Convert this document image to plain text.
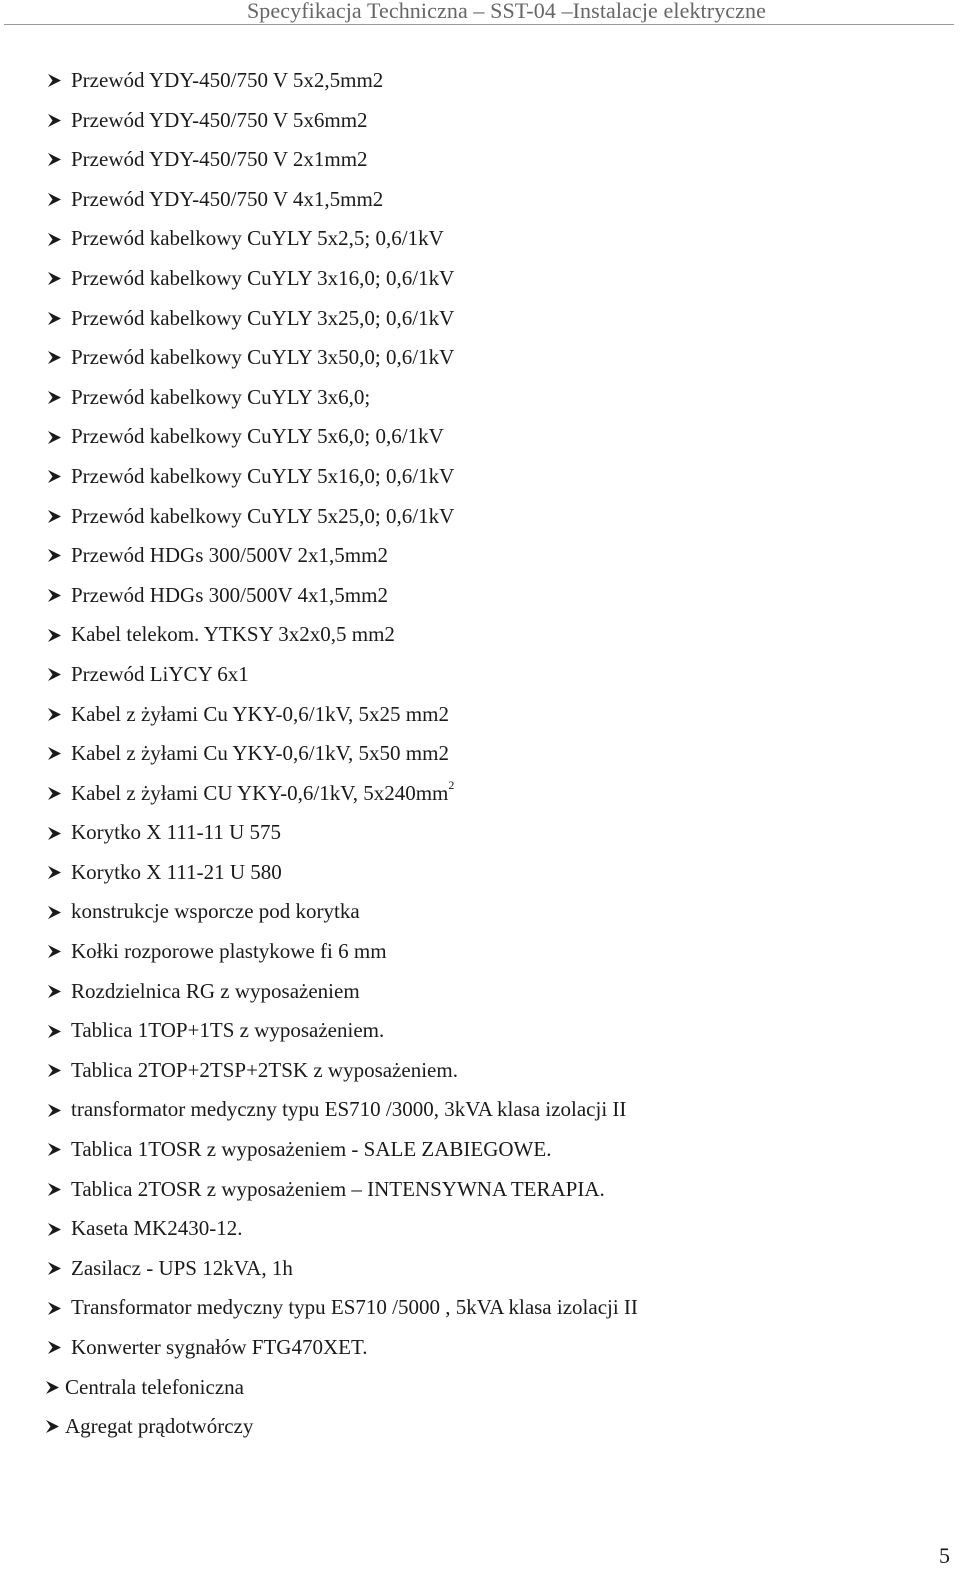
Specyfikacja Techniczna – SST-04 –Instalacje elektryczne
Przewód YDY-450/750 V 5x2,5mm2
Przewód YDY-450/750 V 5x6mm2
Przewód YDY-450/750 V 2x1mm2
Przewód YDY-450/750 V 4x1,5mm2
Przewód kabelkowy CuYLY 5x2,5; 0,6/1kV
Przewód kabelkowy CuYLY 3x16,0; 0,6/1kV
Przewód kabelkowy CuYLY 3x25,0; 0,6/1kV
Przewód kabelkowy CuYLY 3x50,0; 0,6/1kV
Przewód kabelkowy CuYLY 3x6,0;
Przewód kabelkowy CuYLY 5x6,0; 0,6/1kV
Przewód kabelkowy CuYLY 5x16,0; 0,6/1kV
Przewód kabelkowy CuYLY 5x25,0; 0,6/1kV
Przewód HDGs 300/500V 2x1,5mm2
Przewód HDGs 300/500V 4x1,5mm2
Kabel telekom. YTKSY 3x2x0,5 mm2
Przewód LiYCY 6x1
Kabel z żyłami Cu YKY-0,6/1kV, 5x25 mm2
Kabel z żyłami Cu YKY-0,6/1kV, 5x50 mm2
Kabel z żyłami CU YKY-0,6/1kV, $5x240mm^2$
Korytko X 111-11 U 575
Korytko X 111-21 U 580
konstrukcje wsporcze pod korytka
Kołki rozporowe plastykowe fi 6 mm
Rozdzielnica RG z wyposażeniem
Tablica 1TOP+1TS z wyposażeniem.
Tablica 2TOP+2TSP+2TSK z wyposażeniem.
transformator medyczny typu ES710 /3000, 3kVA klasa izolacji II
Tablica 1TOSR z wyposażeniem - SALE ZABIEGOWE.
Tablica 2TOSR z wyposażeniem – INTENSYWNA TERAPIA.
Kaseta MK2430-12.
Zasilacz - UPS 12kVA, 1h
Transformator medyczny typu ES710 /5000 , 5kVA klasa izolacji II
Konwerter sygnałów FTG470XET.
Centrala telefoniczna
Agregat prądotwórczy
5
